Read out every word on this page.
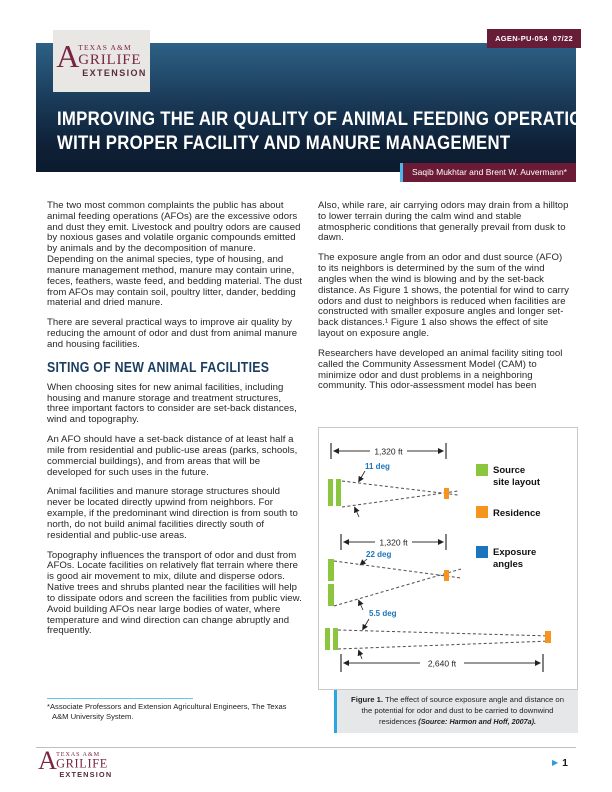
IMPROVING THE AIR QUALITY OF ANIMAL FEEDING OPERATIONS
WITH PROPER FACILITY AND MANURE MANAGEMENT
A TEXAS A&M
GRILIFE
EXTENSION
AGEN-PU-054  07/22
Saqib Mukhtar and Brent W. Auvermann*

The two most common complaints the public has about animal feeding operations (AFOs) are the excessive odors and dust they emit. Livestock and poultry odors are caused by noxious gases and volatile organic compounds emitted by animals and by the decomposition of manure. Depending on the animal species, type of housing, and manure management method, manure may contain urine, feces, feathers, waste feed, and bedding material. The dust from AFOs may contain soil, poultry litter, dander, bedding material and dried manure.

There are several practical ways to improve air quality by reducing the amount of odor and dust from animal manure and housing facilities.

SITING OF NEW ANIMAL FACILITIES

When choosing sites for new animal facilities, including housing and manure storage and treatment structures, three important factors to consider are set-back distances, wind and topography.

An AFO should have a set-back distance of at least half a mile from residential and public-use areas (parks, schools, commercial buildings), and from areas that will be developed for such uses in the future.

Animal facilities and manure storage structures should never be located directly upwind from neighbors. For example, if the predominant wind direction is from south to north, do not build animal facilities directly south of residential and public-use areas.

Topography influences the transport of odor and dust from AFOs. Locate facilities on relatively flat terrain where there is good air movement to mix, dilute and disperse odors. Native trees and shrubs planted near the facilities will help to dissipate odors and screen the facilities from public view. Avoid building AFOs near large bodies of water, where temperature and wind direction can change abruptly and frequently.

*Associate Professors and Extension Agricultural Engineers, The Texas A&M University System.

Also, while rare, air carrying odors may drain from a hilltop to lower terrain during the calm wind and stable atmospheric conditions that generally prevail from dusk to dawn.

The exposure angle from an odor and dust source (AFO) to its neighbors is determined by the sum of the wind angles when the wind is blowing and by the set-back distance. As Figure 1 shows, the potential for wind to carry odors and dust to neighbors is reduced when facilities are constructed with smaller exposure angles and longer set-back distances.¹ Figure 1 also shows the effect of site layout on exposure angle.

Researchers have developed an animal facility siting tool called the Community Assessment Model (CAM) to minimize odor and dust problems in a neighboring community. This odor-assessment model has been

1,320 ft
11 deg
1,320 ft
22 deg
5.5 deg
2,640 ft
Source
site layout
Residence
Exposure
angles
Figure 1. The effect of source exposure angle and distance on the potential for odor and dust to be carried to downwind residences (Source: Harmon and Hoff, 2007a).
A TEXAS A&M
GRILIFE
EXTENSION
▶ 1
